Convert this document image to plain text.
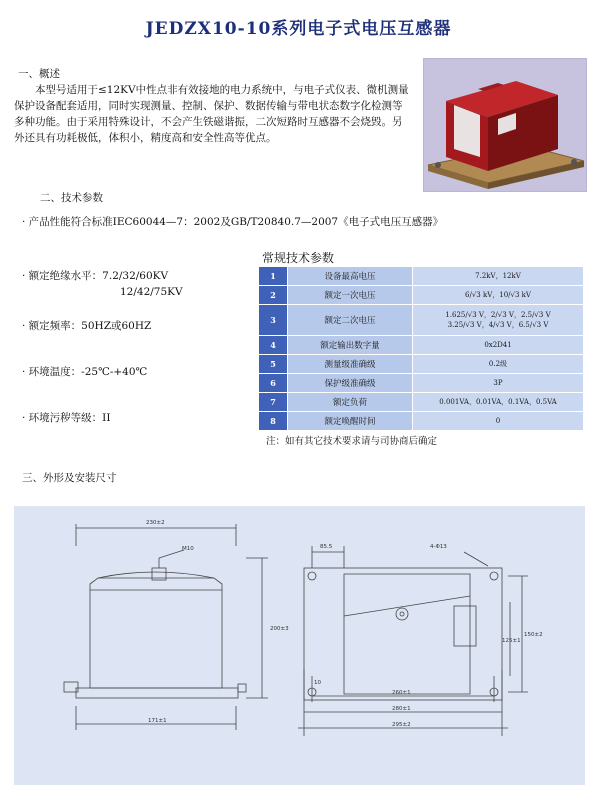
JEDZX10-10系列电子式电压互感器
一、概述
本型号适用于≤12KV中性点非有效接地的电力系统中，与电子式仪表、微机测量保护设备配套适用，同时实现测量、控制、保护、数据传输与带电状态数字化检测等多种功能。由于采用特殊设计，不会产生铁磁谐振，二次短路时互感器不会烧毁。另外还具有功耗极低，体积小，精度高和安全性高等优点。
二、技术参数
· 产品性能符合标准IEC60044—7：2002及GB/T20840.7—2007《电子式电压互感器》
· 额定绝缘水平：7.2/32/60KV
12/42/75KV
· 额定频率：50HZ或60HZ
· 环境温度：-25℃-+40℃
· 环境污秽等级：II
常规技术参数
1	设备最高电压	7.2kV，12kV
2	额定一次电压	6/√3 kV，10/√3 kV
3	额定二次电压	1.625/√3 V，2/√3 V，2.5/√3 V
3.25/√3 V，4/√3 V，6.5/√3 V

4	额定输出数字量	0x2D41
5	测量级准确级	0.2级
6	保护级准确级	3P
7	额定负荷	0.001VA，0.01VA，0.1VA，0.5VA
8	额定唤醒时间	0
注：如有其它技术要求请与司协商后确定
三、外形及安装尺寸
230±2
M10
200±3
171±1
85.5	4-Φ13
10
260±1
280±1
295±2
125±1
150±2
